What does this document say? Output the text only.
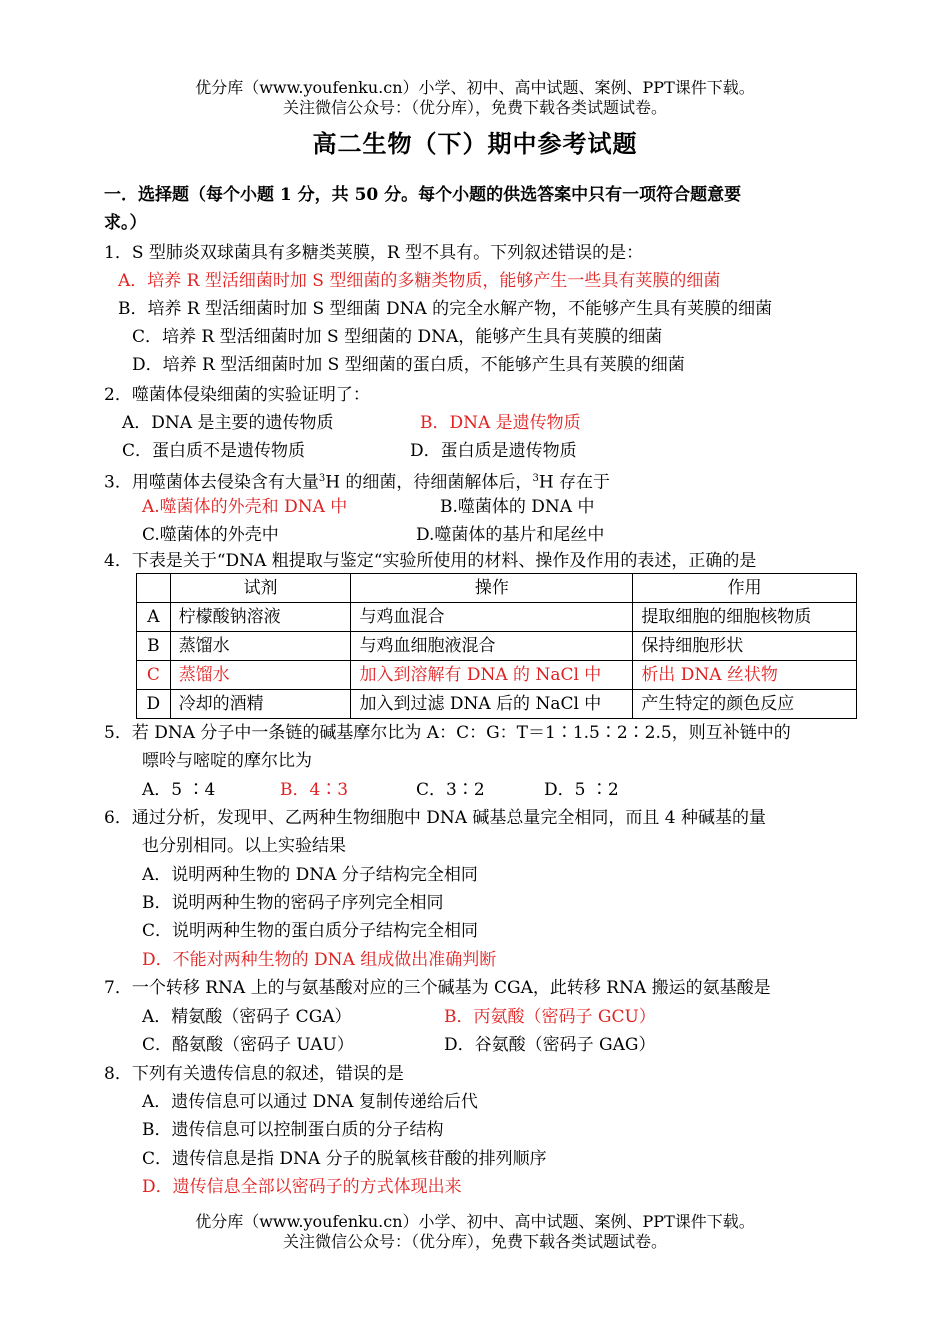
优分库（www.youfenku.cn）小学、初中、高中试题、案例、PPT课件下载。
关注微信公众号：（优分库），免费下载各类试题试卷。
高二生物（下）期中参考试题
一．选择题（每个小题 1 分，共 50 分。每个小题的供选答案中只有一项符合题意要
求。）
1．S 型肺炎双球菌具有多糖类荚膜，R 型不具有。下列叙述错误的是：
A．培养 R 型活细菌时加 S 型细菌的多糖类物质，能够产生一些具有荚膜的细菌
B．培养 R 型活细菌时加 S 型细菌 DNA 的完全水解产物，不能够产生具有荚膜的细菌
C．培养 R 型活细菌时加 S 型细菌的 DNA，能够产生具有荚膜的细菌
D．培养 R 型活细菌时加 S 型细菌的蛋白质，不能够产生具有荚膜的细菌
2．噬菌体侵染细菌的实验证明了：
A．DNA 是主要的遗传物质	B．DNA 是遗传物质
C．蛋白质不是遗传物质	D．蛋白质是遗传物质
3．用噬菌体去侵染含有大量$^3$H 的细菌，待细菌解体后，$^3$H 存在于
A.噬菌体的外壳和 DNA 中	B.噬菌体的 DNA 中
C.噬菌体的外壳中	D.噬菌体的基片和尾丝中
4．下表是关于“DNA 粗提取与鉴定“实验所使用的材料、操作及作用的表述，正确的是
	试剂	操作	作用
A	柠檬酸钠溶液	与鸡血混合	提取细胞的细胞核物质
B	蒸馏水	与鸡血细胞液混合	保持细胞形状
C	蒸馏水	加入到溶解有 DNA 的 NaCl 中	析出 DNA 丝状物
D	冷却的酒精	加入到过滤 DNA 后的 NaCl 中	产生特定的颜色反应
5．若 DNA 分子中一条链的碱基摩尔比为 A：C：G：T＝1∶1.5∶2∶2.5，则互补链中的
嘌呤与嘧啶的摩尔比为
A．5 ∶4	B．4∶3	C．3∶2	D．5 ∶2
6．通过分析，发现甲、乙两种生物细胞中 DNA 碱基总量完全相同，而且 4 种碱基的量
也分别相同。以上实验结果
A．说明两种生物的 DNA 分子结构完全相同
B．说明两种生物的密码子序列完全相同
C．说明两种生物的蛋白质分子结构完全相同
D．不能对两种生物的 DNA 组成做出准确判断
7．一个转移 RNA 上的与氨基酸对应的三个碱基为 CGA，此转移 RNA 搬运的氨基酸是
A．精氨酸（密码子 CGA）	B．丙氨酸（密码子 GCU）
C．酪氨酸（密码子 UAU）	D．谷氨酸（密码子 GAG）
8．下列有关遗传信息的叙述，错误的是
A．遗传信息可以通过 DNA 复制传递给后代
B．遗传信息可以控制蛋白质的分子结构
C．遗传信息是指 DNA 分子的脱氧核苷酸的排列顺序
D．遗传信息全部以密码子的方式体现出来
优分库（www.youfenku.cn）小学、初中、高中试题、案例、PPT课件下载。
关注微信公众号：（优分库），免费下载各类试题试卷。
